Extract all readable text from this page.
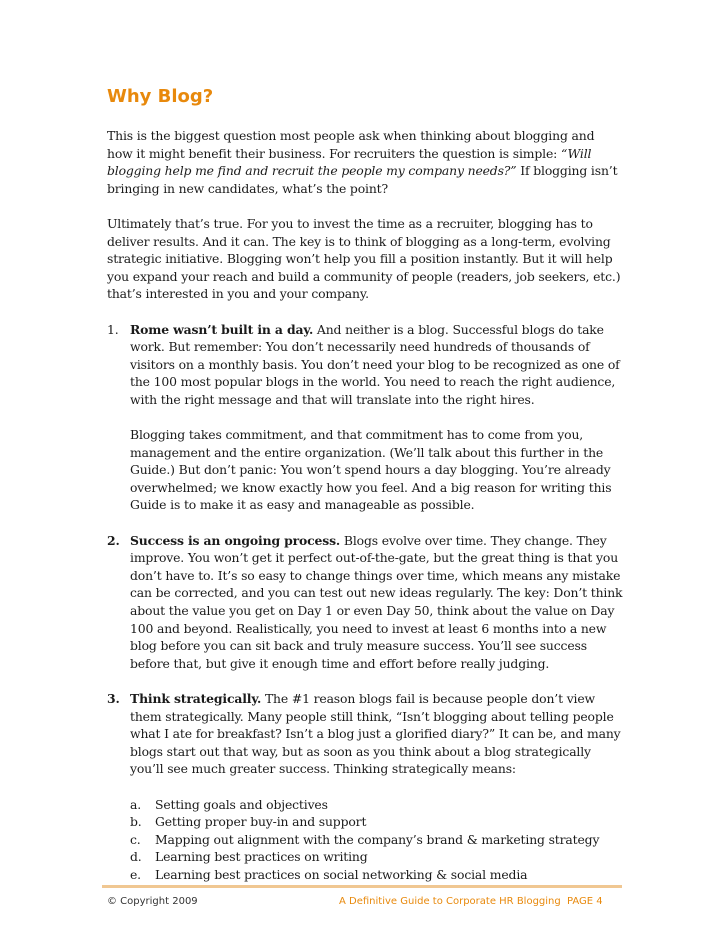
Why Blog?

This is the biggest question most people ask when thinking about blogging and how it might benefit their business. For recruiters the question is simple: “Will blogging help me find and recruit the people my company needs?” If blogging isn’t bringing in new candidates, what’s the point?

Ultimately that’s true. For you to invest the time as a recruiter, blogging has to deliver results. And it can. The key is to think of blogging as a long-term, evolving strategic initiative. Blogging won’t help you fill a position instantly. But it will help you expand your reach and build a community of people (readers, job seekers, etc.) that’s interested in you and your company.

1. Rome wasn’t built in a day. And neither is a blog. Successful blogs do take work. But remember: You don’t necessarily need hundreds of thousands of visitors on a monthly basis. You don’t need your blog to be recognized as one of the 100 most popular blogs in the world. You need to reach the right audience, with the right message and that will translate into the right hires.
Blogging takes commitment, and that commitment has to come from you, management and the entire organization. (We’ll talk about this further in the Guide.) But don’t panic: You won’t spend hours a day blogging. You’re already overwhelmed; we know exactly how you feel. And a big reason for writing this Guide is to make it as easy and manageable as possible.
2. Success is an ongoing process. Blogs evolve over time. They change. They improve. You won’t get it perfect out-of-the-gate, but the great thing is that you don’t have to. It’s so easy to change things over time, which means any mistake can be corrected, and you can test out new ideas regularly. The key: Don’t think about the value you get on Day 1 or even Day 50, think about the value on Day 100 and beyond. Realistically, you need to invest at least 6 months into a new blog before you can sit back and truly measure success. You’ll see success before that, but give it enough time and effort before really judging.
3. Think strategically. The #1 reason blogs fail is because people don’t view them strategically. Many people still think, “Isn’t blogging about telling people what I ate for breakfast? Isn’t a blog just a glorified diary?” It can be, and many blogs start out that way, but as soon as you think about a blog strategically you’ll see much greater success. Thinking strategically means:
a. Setting goals and objectives
b. Getting proper buy-in and support
c. Mapping out alignment with the company’s brand & marketing strategy
d. Learning best practices on writing
e. Learning best practices on social networking & social media
© Copyright 2009	A Definitive Guide to Corporate HR Blogging PAGE 4
